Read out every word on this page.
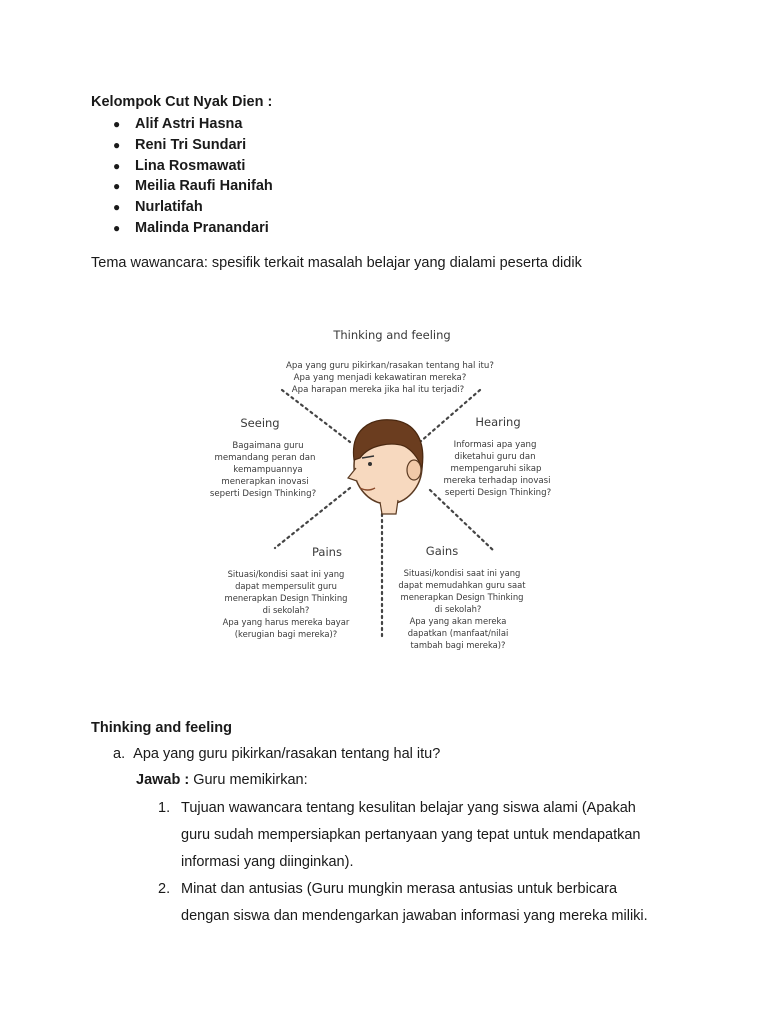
Kelompok Cut Nyak Dien :
● Alif Astri Hasna
● Reni Tri Sundari
● Lina Rosmawati
● Meilia Raufi Hanifah
● Nurlatifah
● Malinda Pranandari
Tema wawancara: spesifik terkait masalah belajar yang dialami peserta didik
Thinking and feeling
Apa yang guru pikirkan/rasakan tentang hal itu?
Apa yang menjadi kekawatiran mereka?
Apa harapan mereka jika hal itu terjadi?
Seeing
Bagaimana guru
memandang peran dan
kemampuannya
menerapkan inovasi
seperti Design Thinking?
Hearing
Informasi apa yang
diketahui guru dan
mempengaruhi sikap
mereka terhadap inovasi
seperti Design Thinking?
Pains
Situasi/kondisi saat ini yang
dapat mempersulit guru
menerapkan Design Thinking
di sekolah?
Apa yang harus mereka bayar
(kerugian bagi mereka)?
Gains
Situasi/kondisi saat ini yang
dapat memudahkan guru saat
menerapkan Design Thinking
di sekolah?
Apa yang akan mereka
dapatkan (manfaat/nilai
tambah bagi mereka)?
Thinking and feeling
a. Apa yang guru pikirkan/rasakan tentang hal itu?
Jawab : Guru memikirkan:
1. Tujuan wawancara tentang kesulitan belajar yang siswa alami (Apakah
guru sudah mempersiapkan pertanyaan yang tepat untuk mendapatkan
informasi yang diinginkan).
2. Minat dan antusias (Guru mungkin merasa antusias untuk berbicara
dengan siswa dan mendengarkan jawaban informasi yang mereka miliki.
